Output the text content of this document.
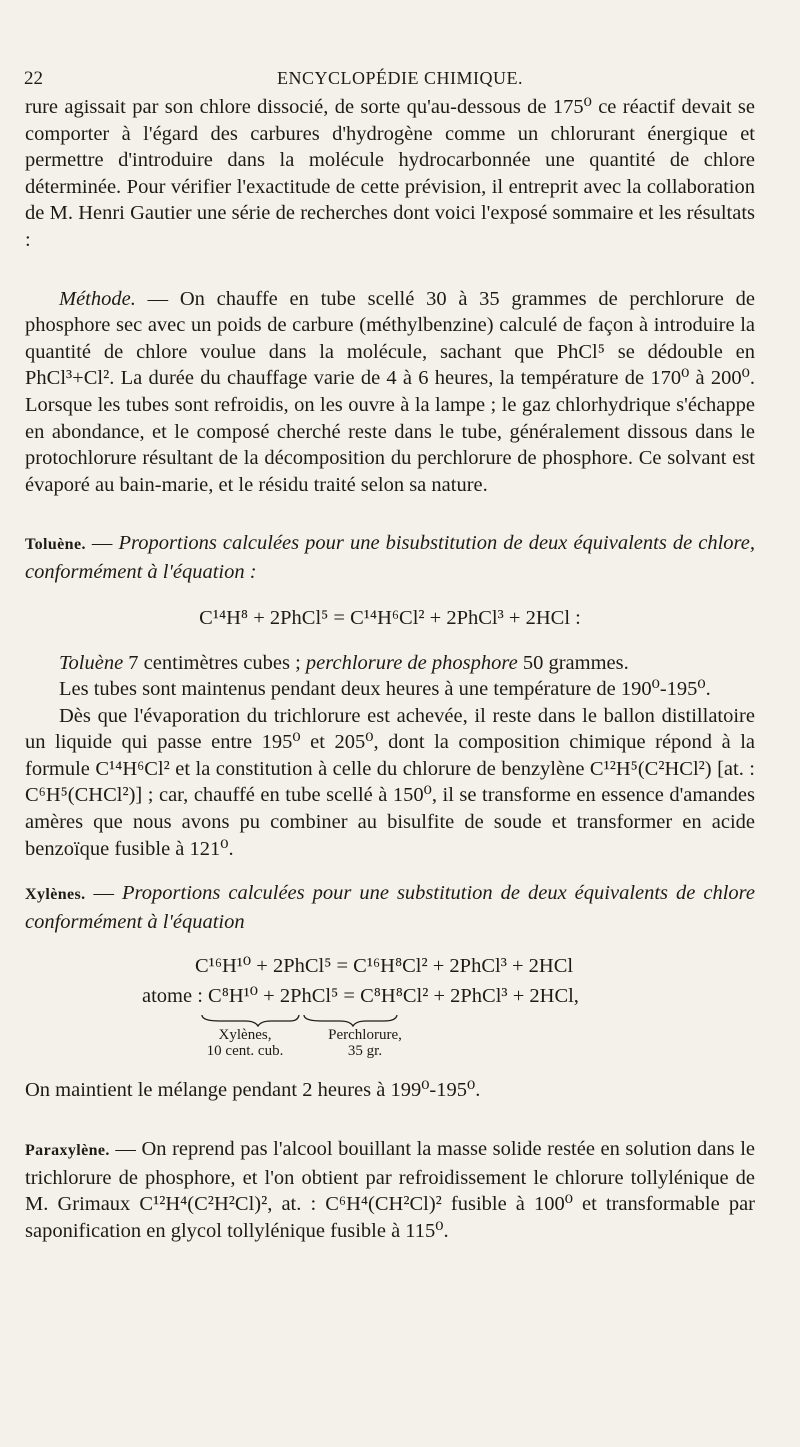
22	ENCYCLOPÉDIE CHIMIQUE.

rure agissait par son chlore dissocié, de sorte qu'au-dessous de 175⁰ ce réactif devait se comporter à l'égard des carbures d'hydrogène comme un chlorurant énergique et permettre d'introduire dans la molécule hydrocarbonnée une quantité de chlore déterminée. Pour vérifier l'exactitude de cette prévision, il entreprit avec la collaboration de M. Henri Gautier une série de recherches dont voici l'exposé sommaire et les résultats :

Méthode. — On chauffe en tube scellé 30 à 35 grammes de perchlorure de phosphore sec avec un poids de carbure (méthylbenzine) calculé de façon à introduire la quantité de chlore voulue dans la molécule, sachant que PhCl⁵ se dédouble en PhCl³+Cl². La durée du chauffage varie de 4 à 6 heures, la température de 170⁰ à 200⁰. Lorsque les tubes sont refroidis, on les ouvre à la lampe ; le gaz chlorhydrique s'échappe en abondance, et le composé cherché reste dans le tube, généralement dissous dans le protochlorure résultant de la décomposition du perchlorure de phosphore. Ce solvant est évaporé au bain-marie, et le résidu traité selon sa nature.

Toluène. — Proportions calculées pour une bisubstitution de deux équivalents de chlore, conformément à l'équation :

C¹⁴H⁸ + 2PhCl⁵ = C¹⁴H⁶Cl² + 2PhCl³ + 2HCl :

Toluène 7 centimètres cubes ; perchlorure de phosphore 50 grammes.

Les tubes sont maintenus pendant deux heures à une température de 190⁰-195⁰.

Dès que l'évaporation du trichlorure est achevée, il reste dans le ballon distillatoire un liquide qui passe entre 195⁰ et 205⁰, dont la composition chimique répond à la formule C¹⁴H⁶Cl² et la constitution à celle du chlorure de benzylène C¹²H⁵(C²HCl²) [at. : C⁶H⁵(CHCl²)] ; car, chauffé en tube scellé à 150⁰, il se transforme en essence d'amandes amères que nous avons pu combiner au bisulfite de soude et transformer en acide benzoïque fusible à 121⁰.

Xylènes. — Proportions calculées pour une substitution de deux équivalents de chlore conformément à l'équation

C¹⁶H¹⁰ + 2PhCl⁵ = C¹⁶H⁸Cl² + 2PhCl³ + 2HCl
atome : C⁸H¹⁰ + 2PhCl⁵ = C⁸H⁸Cl² + 2PhCl³ + 2HCl,
Xylènes,
10 cent. cub.
Perchlorure,
35 gr.

On maintient le mélange pendant 2 heures à 199⁰-195⁰.

Paraxylène. — On reprend pas l'alcool bouillant la masse solide restée en solution dans le trichlorure de phosphore, et l'on obtient par refroidissement le chlorure tollylénique de M. Grimaux C¹²H⁴(C²H²Cl)², at. : C⁶H⁴(CH²Cl)² fusible à 100⁰ et transformable par saponification en glycol tollylénique fusible à 115⁰.
